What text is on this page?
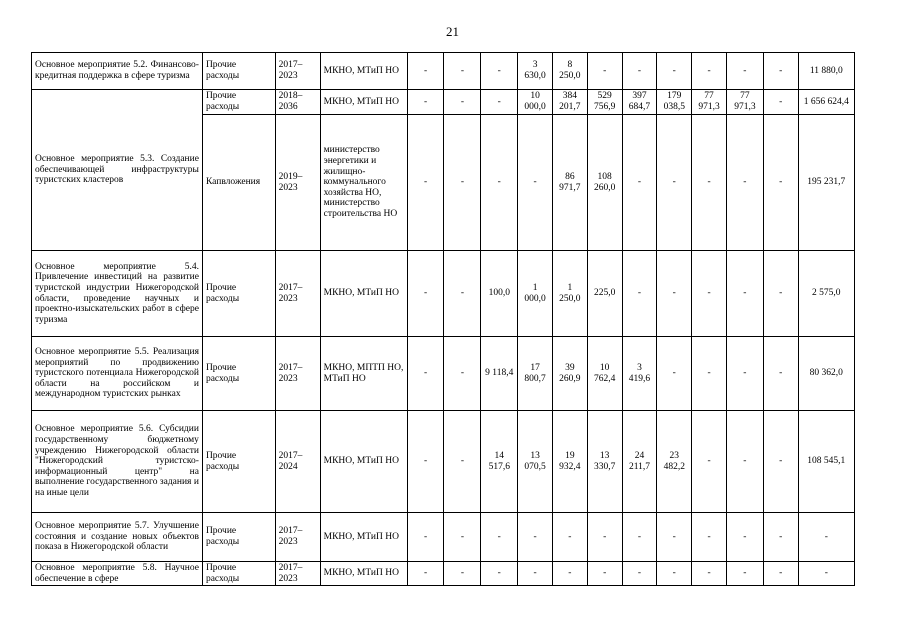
21
Основное мероприятие 5.2. Финансово-кредитная поддержка в сфере туризма	Прочие расходы	2017–2023	МКНО, МТиП НО	-	-	-	3 630,0	8 250,0	-	-	-	-	-	-	11 880,0
Основное мероприятие 5.3. Создание обеспечивающей инфраструктуры туристских кластеров	Прочие расходы	2018–2036	МКНО, МТиП НО	-	-	-	10 000,0	384 201,7	529 756,9	397 684,7	179 038,5	77 971,3	77 971,3	-	1 656 624,4
	Капвложения	2019–2023	министерство энергетики и жилищно-коммунального хозяйства НО, министерство строительства НО	-	-	-	-	86 971,7	108 260,0	-	-	-	-	-	195 231,7
Основное мероприятие 5.4. Привлечение инвестиций на развитие туристской индустрии Нижегородской области, проведение научных и проектно-изыскательских работ в сфере туризма	Прочие расходы	2017–2023	МКНО, МТиП НО	-	-	100,0	1 000,0	1 250,0	225,0	-	-	-	-	-	2 575,0
Основное мероприятие 5.5. Реализация мероприятий по продвижению туристского потенциала Нижегородской области на российском и международном туристских рынках	Прочие расходы	2017–2023	МКНО, МПТП НО, МТиП НО	-	-	9 118,4	17 800,7	39 260,9	10 762,4	3 419,6	-	-	-	-	80 362,0
Основное мероприятие 5.6. Субсидии государственному бюджетному учреждению Нижегородской области "Нижегородский туристско-информационный центр" на выполнение государственного задания и на иные цели	Прочие расходы	2017–2024	МКНО, МТиП НО	-	-	14 517,6	13 070,5	19 932,4	13 330,7	24 211,7	23 482,2	-	-	-	108 545,1
Основное мероприятие 5.7. Улучшение состояния и создание новых объектов показа в Нижегородской области	Прочие расходы	2017–2023	МКНО, МТиП НО	-	-	-	-	-	-	-	-	-	-	-	-
Основное мероприятие 5.8. Научное обеспечение в сфере	Прочие расходы	2017–2023	МКНО, МТиП НО	-	-	-	-	-	-	-	-	-	-	-	-
